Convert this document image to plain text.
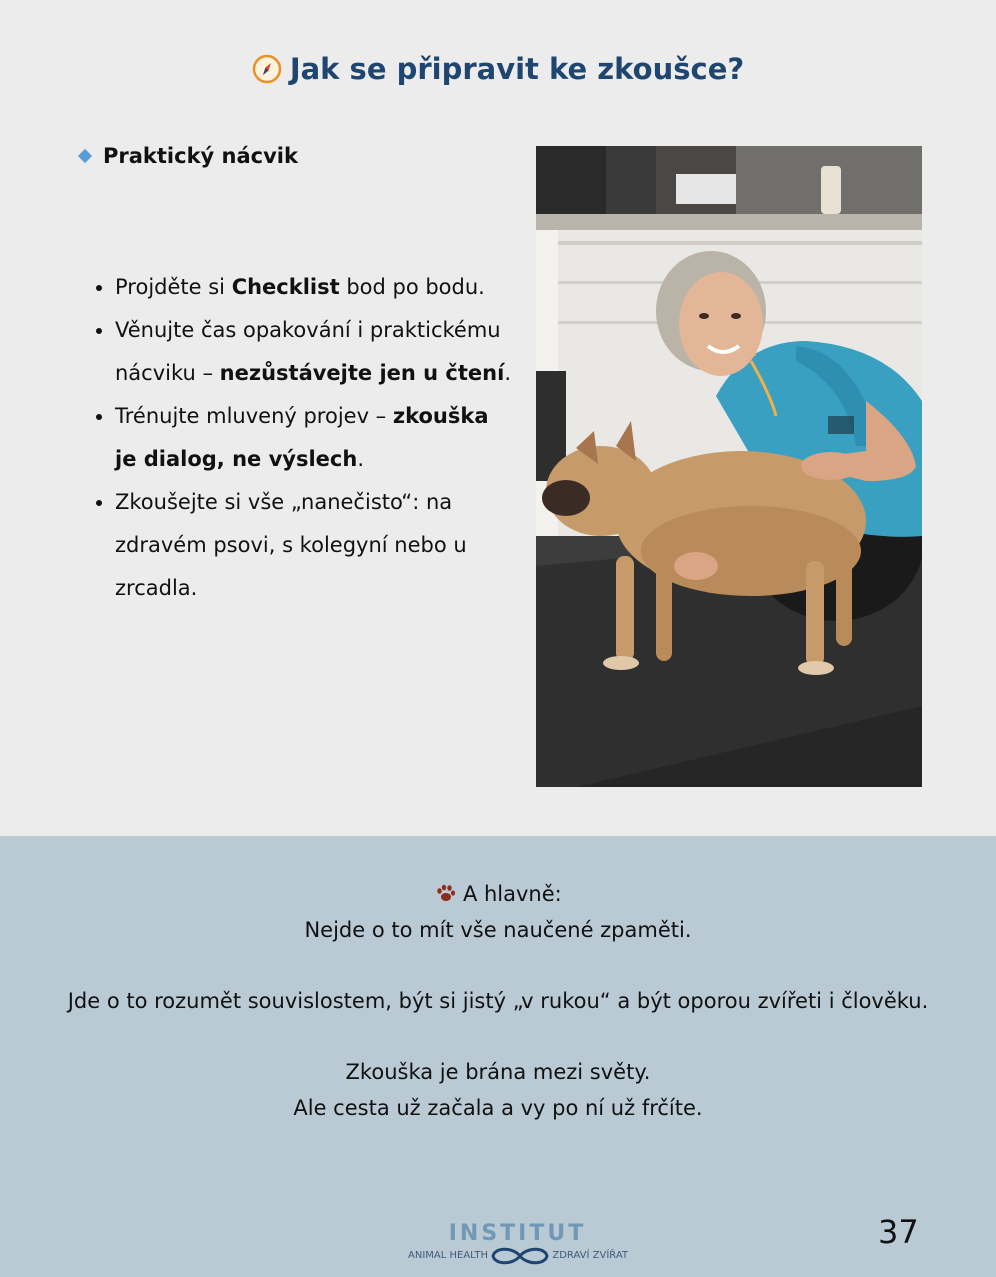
Jak se připravit ke zkoušce?
Praktický nácvik
• Projděte si Checklist bod po bodu.
• Věnujte čas opakování i praktickému nácviku – nezůstávejte jen u čtení.
• Trénujte mluvený projev – zkouška je dialog, ne výslech.
• Zkoušejte si vše „nanečisto“: na zdravém psovi, s kolegyní nebo u zrcadla.

A hlavně:

Nejde o to mít vše naučené zpaměti.

Jde o to rozumět souvislostem, být si jistý „v rukou“ a být oporou zvířeti i člověku.

Zkouška je brána mezi světy.

Ale cesta už začala a vy po ní už frčíte.

INSTITUT
ANIMAL HEALTH	ZDRAVÍ ZVÍŘAT
37
